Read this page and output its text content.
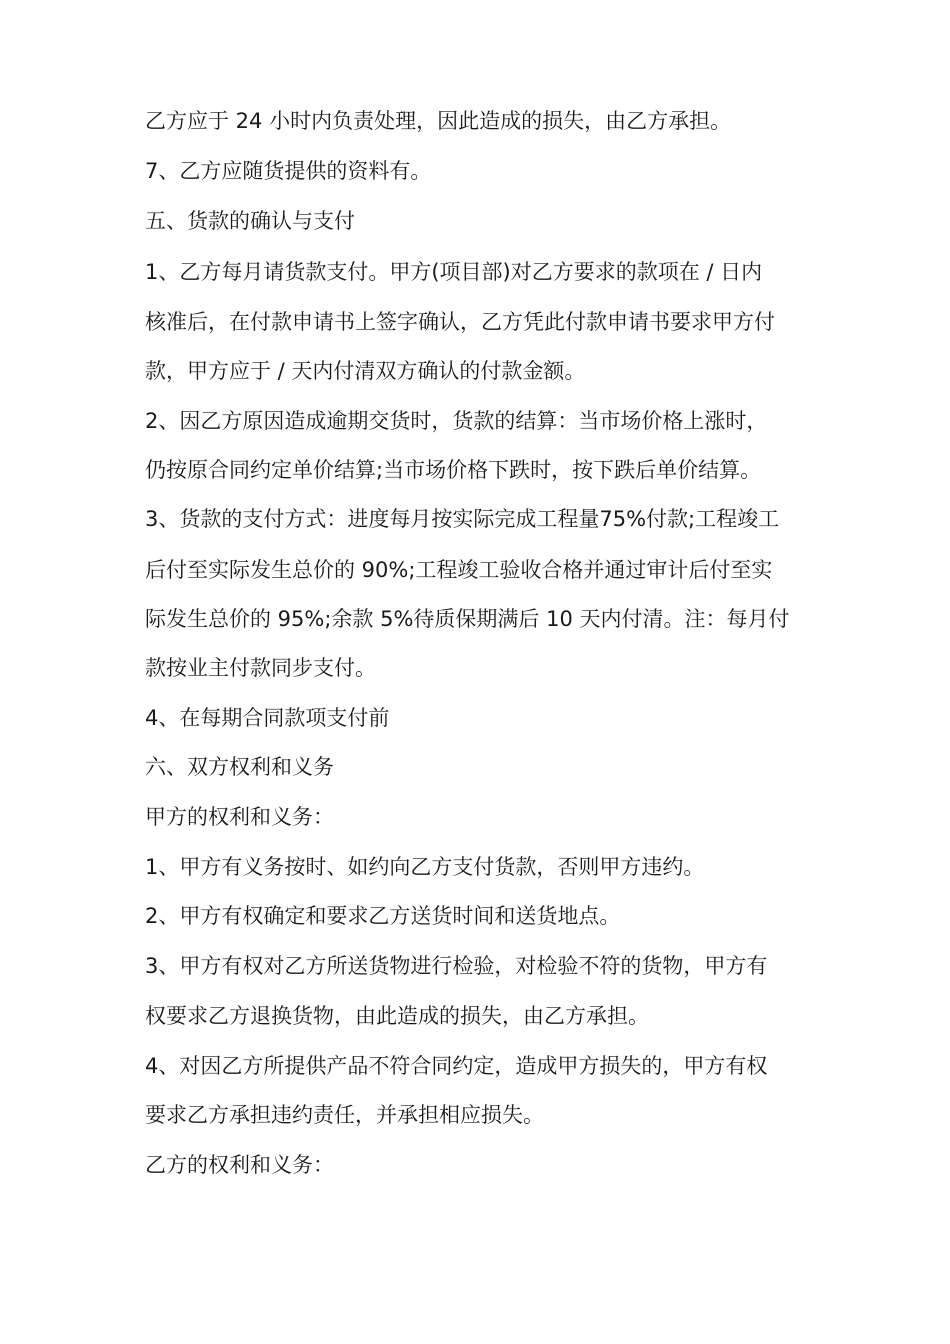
乙方应于 24 小时内负责处理，因此造成的损失，由乙方承担。

7、乙方应随货提供的资料有。

五、货款的确认与支付

1、乙方每月请货款支付。甲方(项目部)对乙方要求的款项在 / 日内

核准后，在付款申请书上签字确认，乙方凭此付款申请书要求甲方付

款，甲方应于 / 天内付清双方确认的付款金额。

2、因乙方原因造成逾期交货时，货款的结算：当市场价格上涨时，

仍按原合同约定单价结算;当市场价格下跌时，按下跌后单价结算。

3、货款的支付方式：进度每月按实际完成工程量75%付款;工程竣工

后付至实际发生总价的 90%;工程竣工验收合格并通过审计后付至实

际发生总价的 95%;余款 5%待质保期满后 10 天内付清。注：每月付

款按业主付款同步支付。

4、在每期合同款项支付前

六、双方权利和义务

甲方的权利和义务：

1、甲方有义务按时、如约向乙方支付货款，否则甲方违约。

2、甲方有权确定和要求乙方送货时间和送货地点。

3、甲方有权对乙方所送货物进行检验，对检验不符的货物，甲方有

权要求乙方退换货物，由此造成的损失，由乙方承担。

4、对因乙方所提供产品不符合同约定，造成甲方损失的，甲方有权

要求乙方承担违约责任，并承担相应损失。

乙方的权利和义务：
